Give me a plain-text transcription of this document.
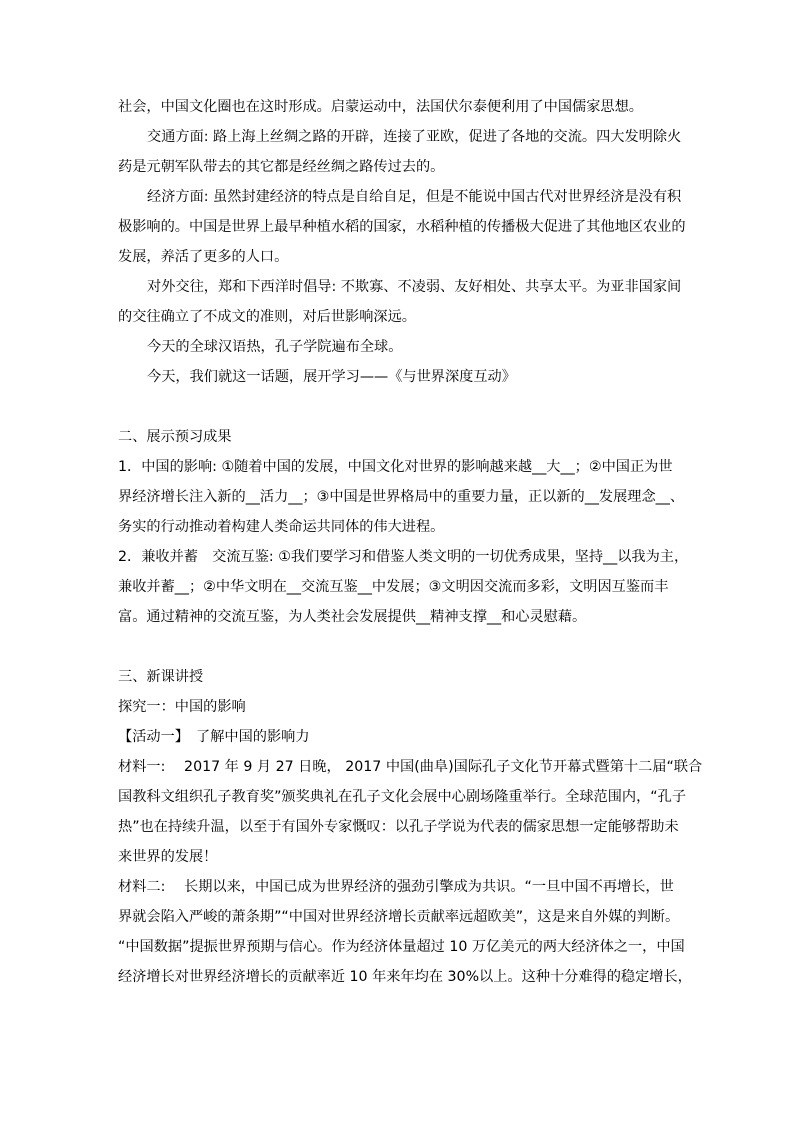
社会，中国文化圈也在这时形成。启蒙运动中，法国伏尔泰便利用了中国儒家思想。
交通方面: 路上海上丝绸之路的开辟，连接了亚欧，促进了各地的交流。四大发明除火
药是元朝军队带去的其它都是经丝绸之路传过去的。
经济方面: 虽然封建经济的特点是自给自足，但是不能说中国古代对世界经济是没有积
极影响的。中国是世界上最早种植水稻的国家，水稻种植的传播极大促进了其他地区农业的
发展，养活了更多的人口。
对外交往，郑和下西洋时倡导: 不欺寡、不凌弱、友好相处、共享太平。为亚非国家间
的交往确立了不成文的准则，对后世影响深远。
今天的全球汉语热，孔子学院遍布全球。
今天，我们就这一话题，展开学习——《与世界深度互动》
二、展示预习成果
1．中国的影响: ①随着中国的发展，中国文化对世界的影响越来越__大__；②中国正为世
界经济增长注入新的__活力__；③中国是世界格局中的重要力量，正以新的__发展理念__、
务实的行动推动着构建人类命运共同体的伟大进程。
2．兼收并蓄　交流互鉴: ①我们要学习和借鉴人类文明的一切优秀成果，坚持__以我为主，
兼收并蓄__；②中华文明在__交流互鉴__中发展；③文明因交流而多彩，文明因互鉴而丰
富。通过精神的交流互鉴，为人类社会发展提供__精神支撑__和心灵慰藉。
三、新课讲授
探究一：中国的影响
【活动一】　了解中国的影响力
材料一:　 2017 年 9 月 27 日晚， 2017 中国(曲阜)国际孔子文化节开幕式暨第十二届“联合
国教科文组织孔子教育奖”颁奖典礼在孔子文化会展中心剧场隆重举行。全球范围内，“孔子
热”也在持续升温，以至于有国外专家慨叹：以孔子学说为代表的儒家思想一定能够帮助未
来世界的发展！
材料二:　 长期以来，中国已成为世界经济的强劲引擎成为共识。“一旦中国不再增长，世
界就会陷入严峻的萧条期”“中国对世界经济增长贡献率远超欧美”，这是来自外媒的判断。
“中国数据”提振世界预期与信心。作为经济体量超过 10 万亿美元的两大经济体之一，中国
经济增长对世界经济增长的贡献率近 10 年来年均在 30%以上。这种十分难得的稳定增长，
